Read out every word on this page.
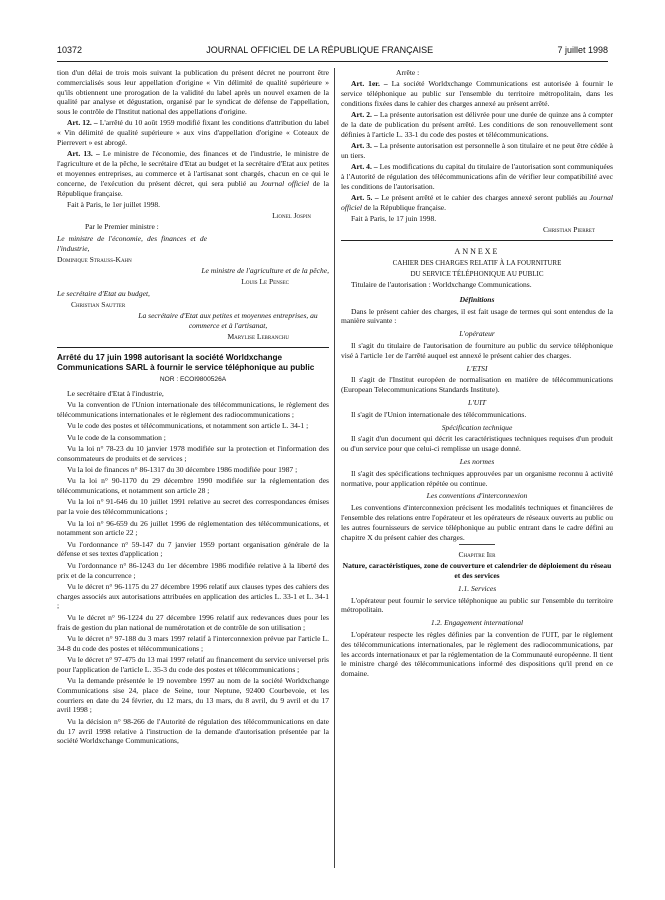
10372	JOURNAL OFFICIEL DE LA RÉPUBLIQUE FRANÇAISE	7 juillet 1998

tion d'un délai de trois mois suivant la publication du présent décret ne pourront être commercialisés sous leur appellation d'origine « Vin délimité de qualité supérieure » qu'ils obtiennent une prorogation de la validité du label après un nouvel examen de la qualité par analyse et dégustation, organisé par le syndicat de défense de l'appellation, sous le contrôle de l'Institut national des appellations d'origine.

Art. 12. – L'arrêté du 10 août 1959 modifié fixant les conditions d'attribution du label « Vin délimité de qualité supérieure » aux vins d'appellation d'origine « Coteaux de Pierrevert » est abrogé.

Art. 13. – Le ministre de l'économie, des finances et de l'industrie, le ministre de l'agriculture et de la pêche, le secrétaire d'Etat au budget et la secrétaire d'Etat aux petites et moyennes entreprises, au commerce et à l'artisanat sont chargés, chacun en ce qui le concerne, de l'exécution du présent décret, qui sera publié au Journal officiel de la République française.

Fait à Paris, le 1er juillet 1998.

Lionel Jospin

Par le Premier ministre :

Le ministre de l'économie, des finances et de l'industrie,

Dominique Strauss-Kahn

Le ministre de l'agriculture et de la pêche,

Louis Le Pensec

Le secrétaire d'Etat au budget,

Christian Sautter

La secrétaire d'Etat aux petites et moyennes entreprises, au commerce et à l'artisanat,

Marylise Lebranchu

Arrêté du 17 juin 1998 autorisant la société Worldxchange Communications SARL à fournir le service téléphonique au public

NOR : ECOI9800526A

Le secrétaire d'Etat à l'industrie,

Vu la convention de l'Union internationale des télécommunications, le règlement des télécommunications internationales et le règlement des radiocommunications ;

Vu le code des postes et télécommunications, et notamment son article L. 34-1 ;

Vu le code de la consommation ;

Vu la loi n° 78-23 du 10 janvier 1978 modifiée sur la protection et l'information des consommateurs de produits et de services ;

Vu la loi de finances n° 86-1317 du 30 décembre 1986 modifiée pour 1987 ;

Vu la loi n° 90-1170 du 29 décembre 1990 modifiée sur la réglementation des télécommunications, et notamment son article 28 ;

Vu la loi n° 91-646 du 10 juillet 1991 relative au secret des correspondances émises par la voie des télécommunications ;

Vu la loi n° 96-659 du 26 juillet 1996 de réglementation des télécommunications, et notamment son article 22 ;

Vu l'ordonnance n° 59-147 du 7 janvier 1959 portant organisation générale de la défense et ses textes d'application ;

Vu l'ordonnance n° 86-1243 du 1er décembre 1986 modifiée relative à la liberté des prix et de la concurrence ;

Vu le décret n° 96-1175 du 27 décembre 1996 relatif aux clauses types des cahiers des charges associés aux autorisations attribuées en application des articles L. 33-1 et L. 34-1 ;

Vu le décret n° 96-1224 du 27 décembre 1996 relatif aux redevances dues pour les frais de gestion du plan national de numérotation et de contrôle de son utilisation ;

Vu le décret n° 97-188 du 3 mars 1997 relatif à l'interconnexion prévue par l'article L. 34-8 du code des postes et télécommunications ;

Vu le décret n° 97-475 du 13 mai 1997 relatif au financement du service universel pris pour l'application de l'article L. 35-3 du code des postes et télécommunications ;

Vu la demande présentée le 19 novembre 1997 au nom de la société Worldxchange Communications sise 24, place de Seine, tour Neptune, 92400 Courbevoie, et les courriers en date du 24 février, du 12 mars, du 13 mars, du 8 avril, du 9 avril et du 17 avril 1998 ;

Vu la décision n° 98-266 de l'Autorité de régulation des télécommunications en date du 17 avril 1998 relative à l'instruction de la demande d'autorisation présentée par la société Worldxchange Communications,

Arrête :

Art. 1er. – La société Worldxchange Communications est autorisée à fournir le service téléphonique au public sur l'ensemble du territoire métropolitain, dans les conditions fixées dans le cahier des charges annexé au présent arrêté.

Art. 2. – La présente autorisation est délivrée pour une durée de quinze ans à compter de la date de publication du présent arrêté. Les conditions de son renouvellement sont définies à l'article L. 33-1 du code des postes et télécommunications.

Art. 3. – La présente autorisation est personnelle à son titulaire et ne peut être cédée à un tiers.

Art. 4. – Les modifications du capital du titulaire de l'autorisation sont communiquées à l'Autorité de régulation des télécommunications afin de vérifier leur compatibilité avec les conditions de l'autorisation.

Art. 5. – Le présent arrêté et le cahier des charges annexé seront publiés au Journal officiel de la République française.

Fait à Paris, le 17 juin 1998.

Christian Pierret

ANNEXE

CAHIER DES CHARGES RELATIF À LA FOURNITURE

DU SERVICE TÉLÉPHONIQUE AU PUBLIC

Titulaire de l'autorisation : Worldxchange Communications.

Définitions

Dans le présent cahier des charges, il est fait usage de termes qui sont entendus de la manière suivante :

L'opérateur

Il s'agit du titulaire de l'autorisation de fourniture au public du service téléphonique visé à l'article 1er de l'arrêté auquel est annexé le présent cahier des charges.

L'ETSI

Il s'agit de l'Institut européen de normalisation en matière de télécommunications (European Telecommunications Standards Institute).

L'UIT

Il s'agit de l'Union internationale des télécommunications.

Spécification technique

Il s'agit d'un document qui décrit les caractéristiques techniques requises d'un produit ou d'un service pour que celui-ci remplisse un usage donné.

Les normes

Il s'agit des spécifications techniques approuvées par un organisme reconnu à activité normative, pour application répétée ou continue.

Les conventions d'interconnexion

Les conventions d'interconnexion précisent les modalités techniques et financières de l'ensemble des relations entre l'opérateur et les opérateurs de réseaux ouverts au public ou les autres fournisseurs de service téléphonique au public entrant dans le cadre défini au chapitre X du présent cahier des charges.

Chapitre Ier

Nature, caractéristiques, zone de couverture et calendrier de déploiement du réseau et des services

1.1. Services

L'opérateur peut fournir le service téléphonique au public sur l'ensemble du territoire métropolitain.

1.2. Engagement international

L'opérateur respecte les règles définies par la convention de l'UIT, par le règlement des télécommunications internationales, par le règlement des radiocommunications, par les accords internationaux et par la réglementation de la Communauté européenne. Il tient le ministre chargé des télécommunications informé des dispositions qu'il prend en ce domaine.
